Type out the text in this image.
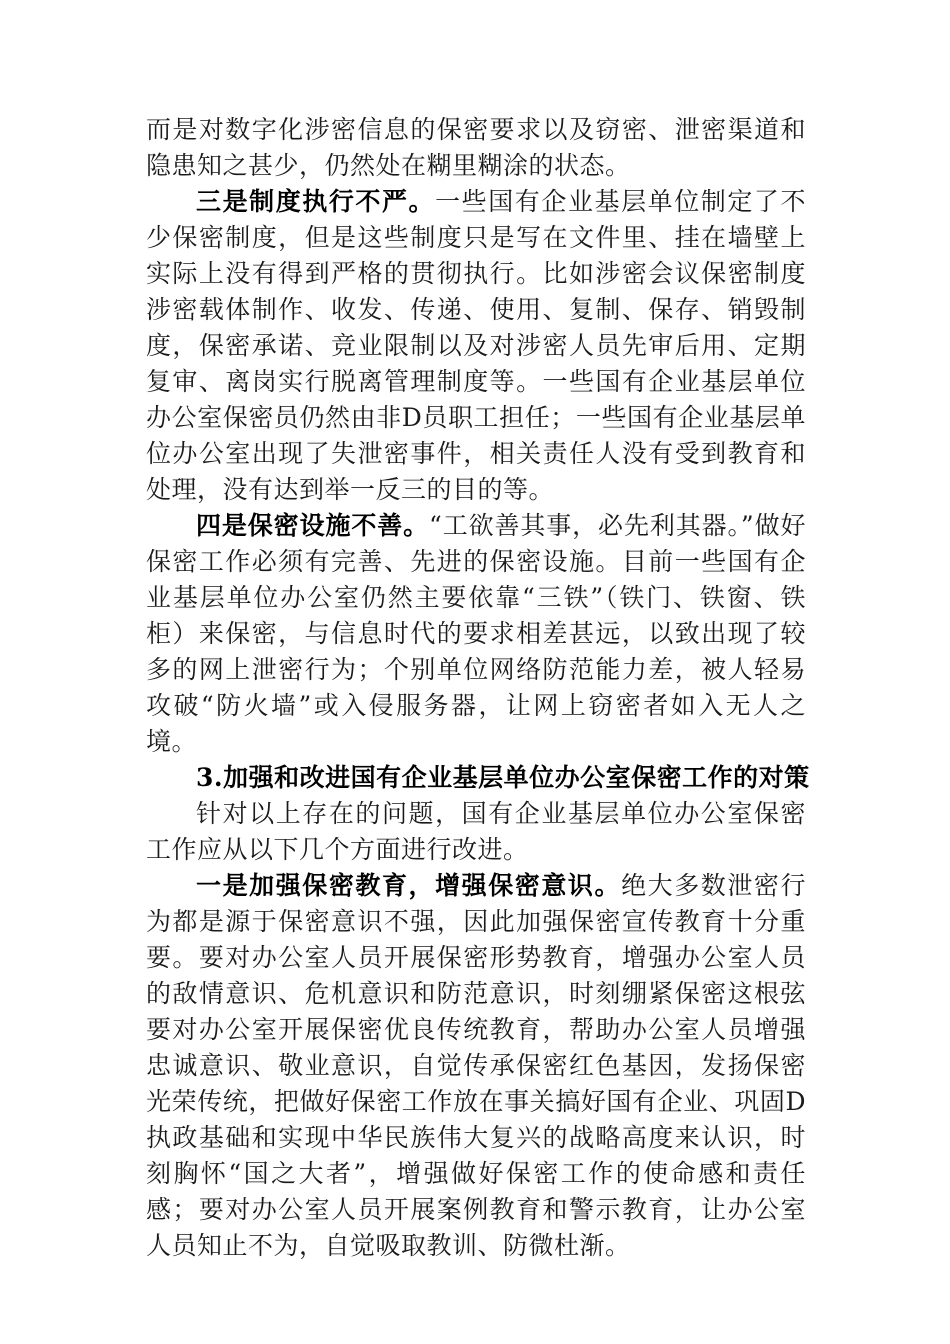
而是对数字化涉密信息的保密要求以及窃密、泄密渠道和隐患知之甚少，仍然处在糊里糊涂的状态。

三是制度执行不严。一些国有企业基层单位制定了不少保密制度，但是这些制度只是写在文件里、挂在墙壁上实际上没有得到严格的贯彻执行。比如涉密会议保密制度涉密载体制作、收发、传递、使用、复制、保存、销毁制度，保密承诺、竞业限制以及对涉密人员先审后用、定期复审、离岗实行脱离管理制度等。一些国有企业基层单位办公室保密员仍然由非D员职工担任；一些国有企业基层单位办公室出现了失泄密事件，相关责任人没有受到教育和处理，没有达到举一反三的目的等。

四是保密设施不善。“工欲善其事，必先利其器。”做好保密工作必须有完善、先进的保密设施。目前一些国有企业基层单位办公室仍然主要依靠“三铁”（铁门、铁窗、铁柜）来保密，与信息时代的要求相差甚远，以致出现了较多的网上泄密行为；个别单位网络防范能力差，被人轻易攻破“防火墙”或入侵服务器，让网上窃密者如入无人之境。

3.加强和改进国有企业基层单位办公室保密工作的对策

针对以上存在的问题，国有企业基层单位办公室保密工作应从以下几个方面进行改进。

一是加强保密教育，增强保密意识。绝大多数泄密行为都是源于保密意识不强，因此加强保密宣传教育十分重要。要对办公室人员开展保密形势教育，增强办公室人员的敌情意识、危机意识和防范意识，时刻绷紧保密这根弦要对办公室开展保密优良传统教育，帮助办公室人员增强忠诚意识、敬业意识，自觉传承保密红色基因，发扬保密光荣传统，把做好保密工作放在事关搞好国有企业、巩固D执政基础和实现中华民族伟大复兴的战略高度来认识，时刻胸怀“国之大者”，增强做好保密工作的使命感和责任感；要对办公室人员开展案例教育和警示教育，让办公室人员知止不为，自觉吸取教训、防微杜渐。
